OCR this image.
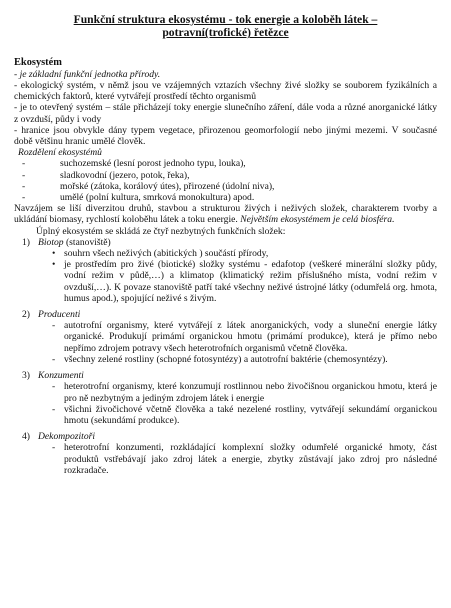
Funkční struktura ekosystému - tok energie a koloběh látek –
potravní(trofické) řetězce

Ekosystém

- je základní funkční jednotka přírody.

- ekologický systém, v němž jsou ve vzájemných vztazích všechny živé složky se souborem fyzikálních a chemických faktorů, které vytvářejí prostředí těchto organismů

- je to otevřený systém – stále přicházejí toky energie slunečního záření, dále voda a různé anorganické látky z ovzduší, půdy i vody

- hranice jsou obvykle dány typem vegetace, přirozenou geomorfologií nebo jinými mezemi. V současné době většinu hranic umělé člověk.

Rozdělení ekosystémů

- suchozemské (lesní porost jednoho typu, louka),
- sladkovodní (jezero, potok, řeka),
- mořské (zátoka, korálový útes), přirozené (údolní niva),
- umělé (polní kultura, smrková monokultura) apod.

Navzájem se liší diverzitou druhů, stavbou a strukturou živých i neživých složek, charakterem tvorby a ukládání biomasy, rychlostí koloběhu látek a toku energie. Největším ekosystémem je celá biosféra.

Úplný ekosystém se skládá ze čtyř nezbytných funkčních složek:

1) Biotop (stanoviště)
• souhrn všech neživých (abitických ) součástí přírody,
• je prostředím pro živé (biotické) složky systému - edafotop (veškeré minerální složky půdy, vodní režim v půdě,…) a klimatop (klimatický režim příslušného místa, vodní režim v ovzduší,…). K povaze stanoviště patří také všechny neživé ústrojné látky (odumřelá org. hmota, humus apod.), spojující neživé s živým.
2) Producenti
- autotrofní organismy, které vytvářejí z látek anorganických, vody a sluneční energie látky organické. Produkují primámí organickou hmotu (primámí produkce), která je přímo nebo nepřímo zdrojem potravy všech heterotrofních organismů včetně člověka.
- všechny zelené rostliny (schopné fotosyntézy) a autotrofní baktérie (chemosyntézy).
3) Konzumenti
- heterotrofní organismy, které konzumují rostlinnou nebo živočišnou organickou hmotu, která je pro ně nezbytným a jediným zdrojem látek i energie
- všichni živočichové včetně člověka a také nezelené rostliny, vytvářejí sekundámí organickou hmotu (sekundámí produkce).
4) Dekompozitoři
- heterotrofní konzumenti, rozkládající komplexní složky odumřelé organické hmoty, část produktů vstřebávají jako zdroj látek a energie, zbytky zůstávají jako zdroj pro následné rozkradače.
